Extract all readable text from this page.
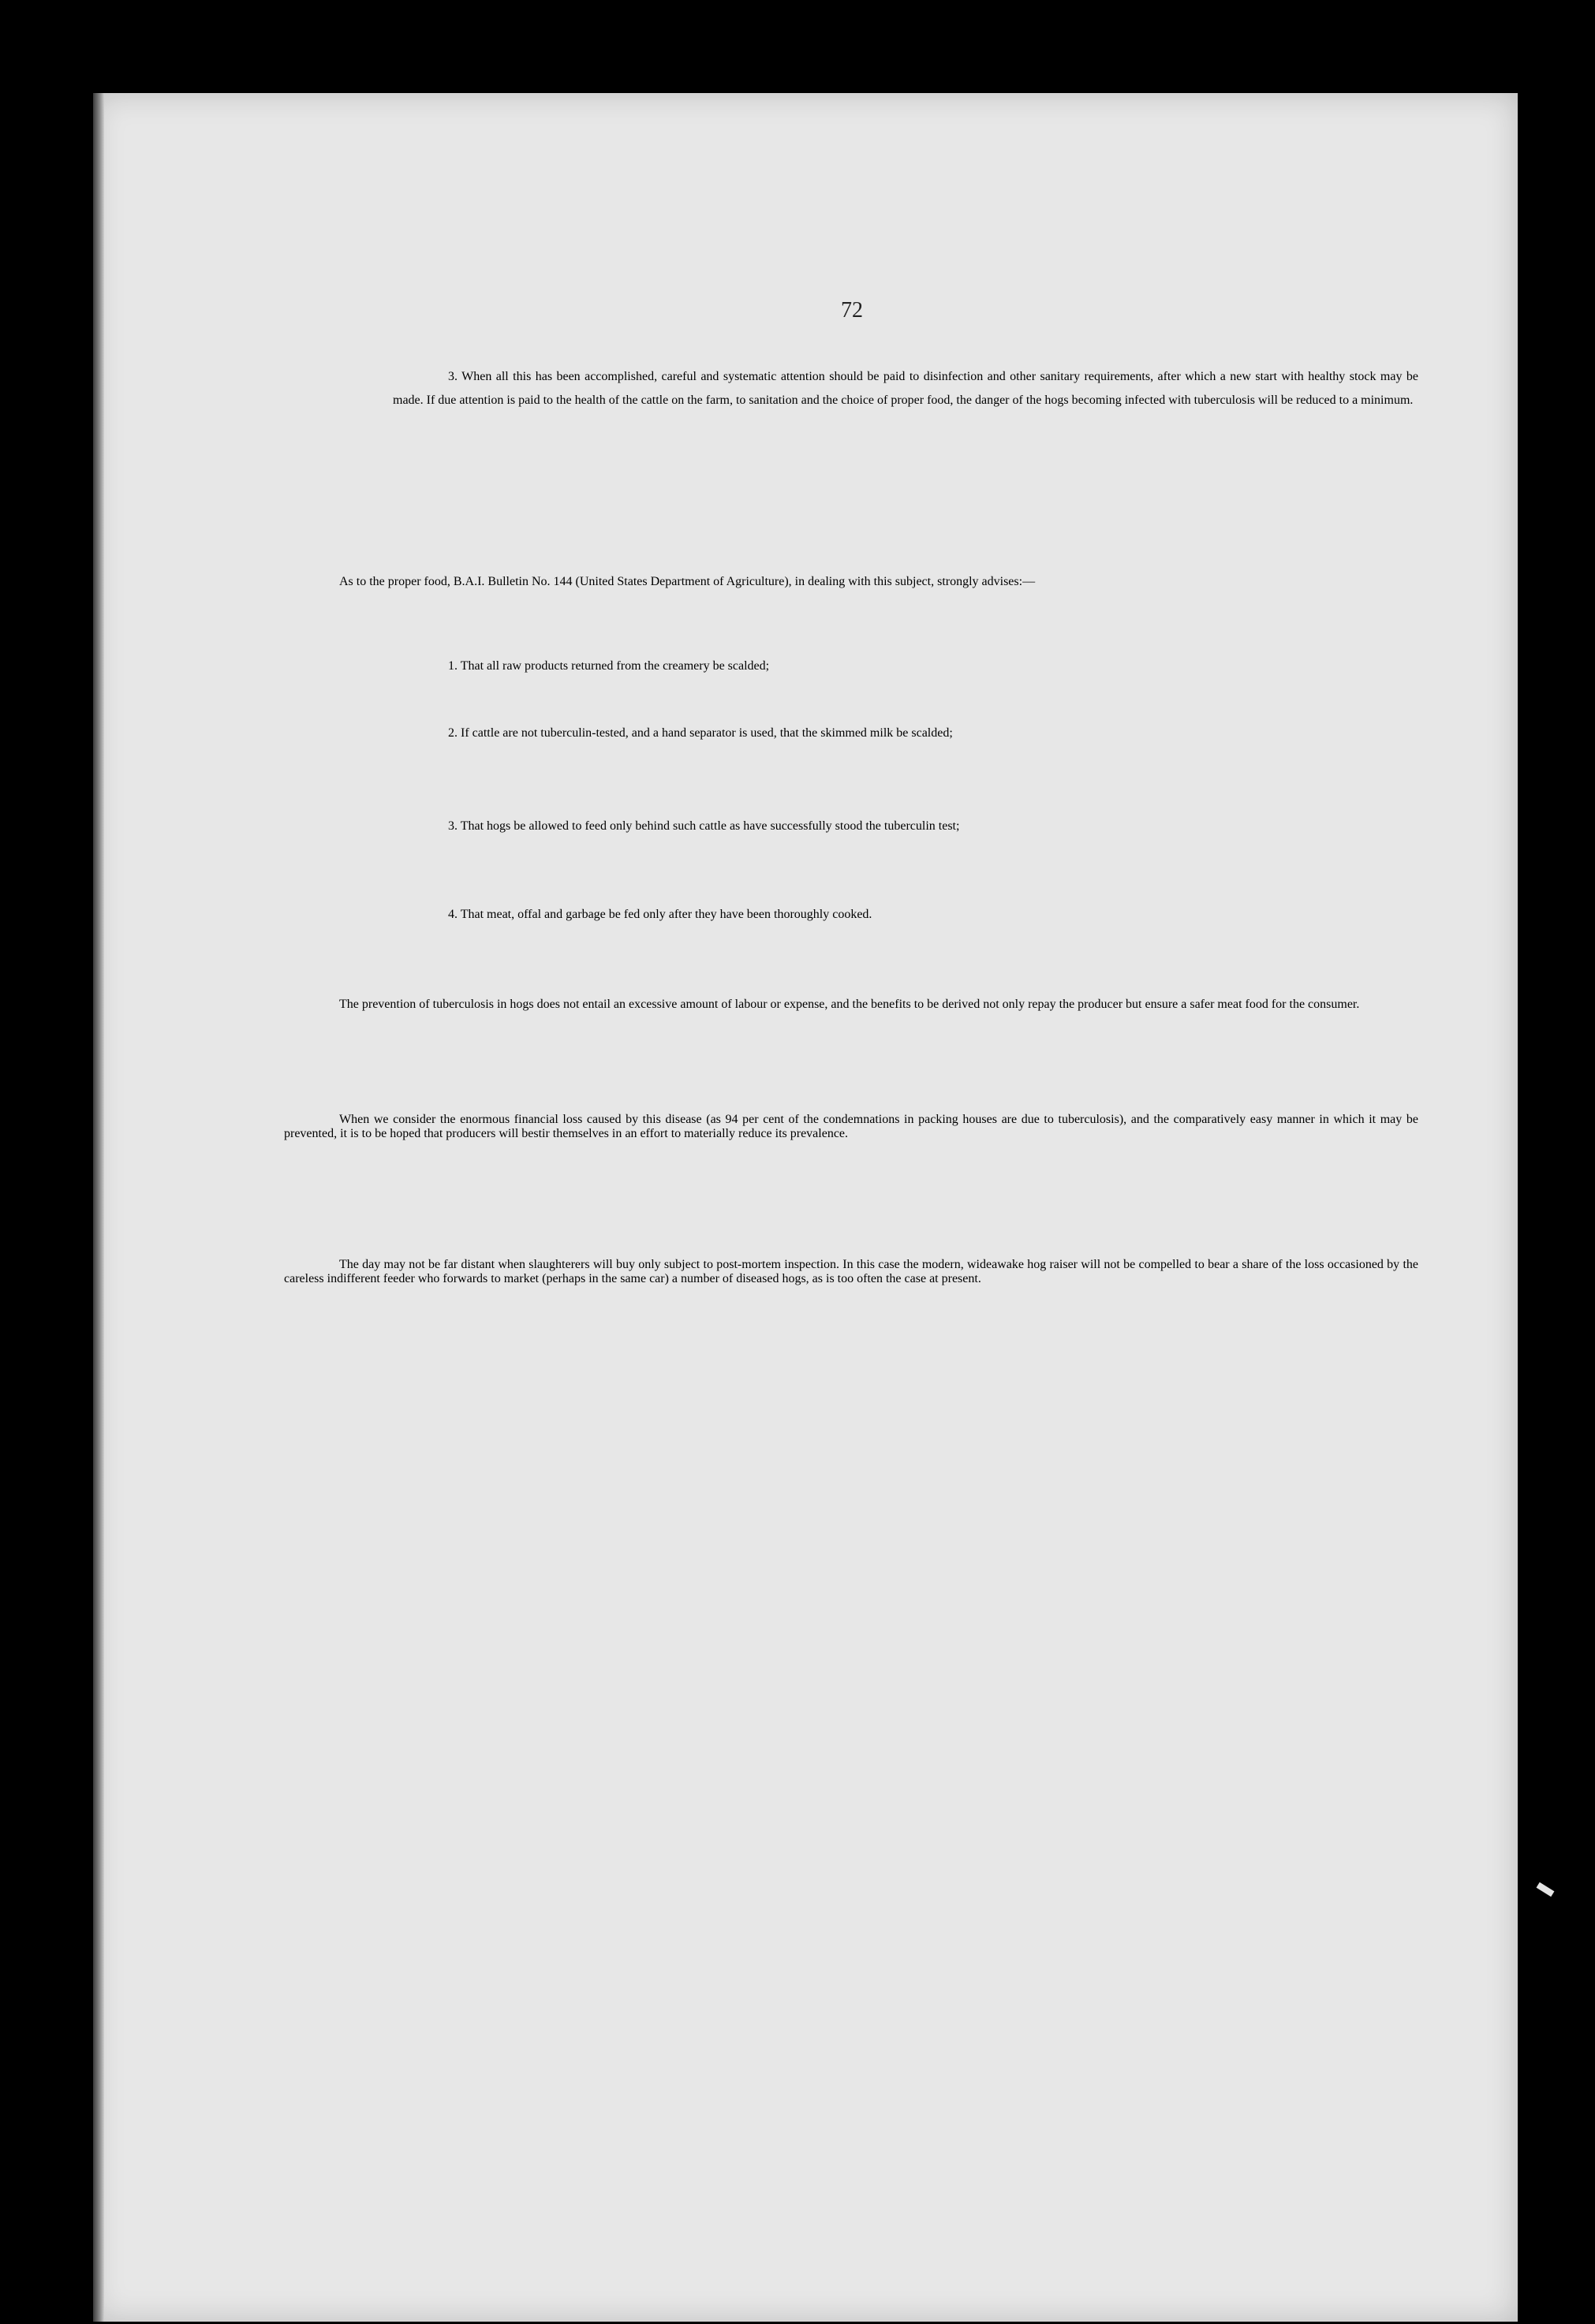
72

3. When all this has been accomplished, careful and systematic attention should be paid to disinfection and other sanitary requirements, after which a new start with healthy stock may be made. If due attention is paid to the health of the cattle on the farm, to sanitation and the choice of proper food, the danger of the hogs becoming infected with tuberculosis will be reduced to a minimum.

As to the proper food, B.A.I. Bulletin No. 144 (United States Department of Agriculture), in dealing with this subject, strongly advises:—

1. That all raw products returned from the creamery be scalded;

2. If cattle are not tuberculin-tested, and a hand separator is used, that the skimmed milk be scalded;

3. That hogs be allowed to feed only behind such cattle as have successfully stood the tuberculin test;

4. That meat, offal and garbage be fed only after they have been thoroughly cooked.

The prevention of tuberculosis in hogs does not entail an excessive amount of labour or expense, and the benefits to be derived not only repay the producer but ensure a safer meat food for the consumer.

When we consider the enormous financial loss caused by this disease (as 94 per cent of the condemnations in packing houses are due to tuberculosis), and the comparatively easy manner in which it may be prevented, it is to be hoped that producers will bestir themselves in an effort to materially reduce its prevalence.

The day may not be far distant when slaughterers will buy only subject to post-mortem inspection. In this case the modern, wideawake hog raiser will not be compelled to bear a share of the loss occasioned by the careless indifferent feeder who forwards to market (perhaps in the same car) a number of diseased hogs, as is too often the case at present.
